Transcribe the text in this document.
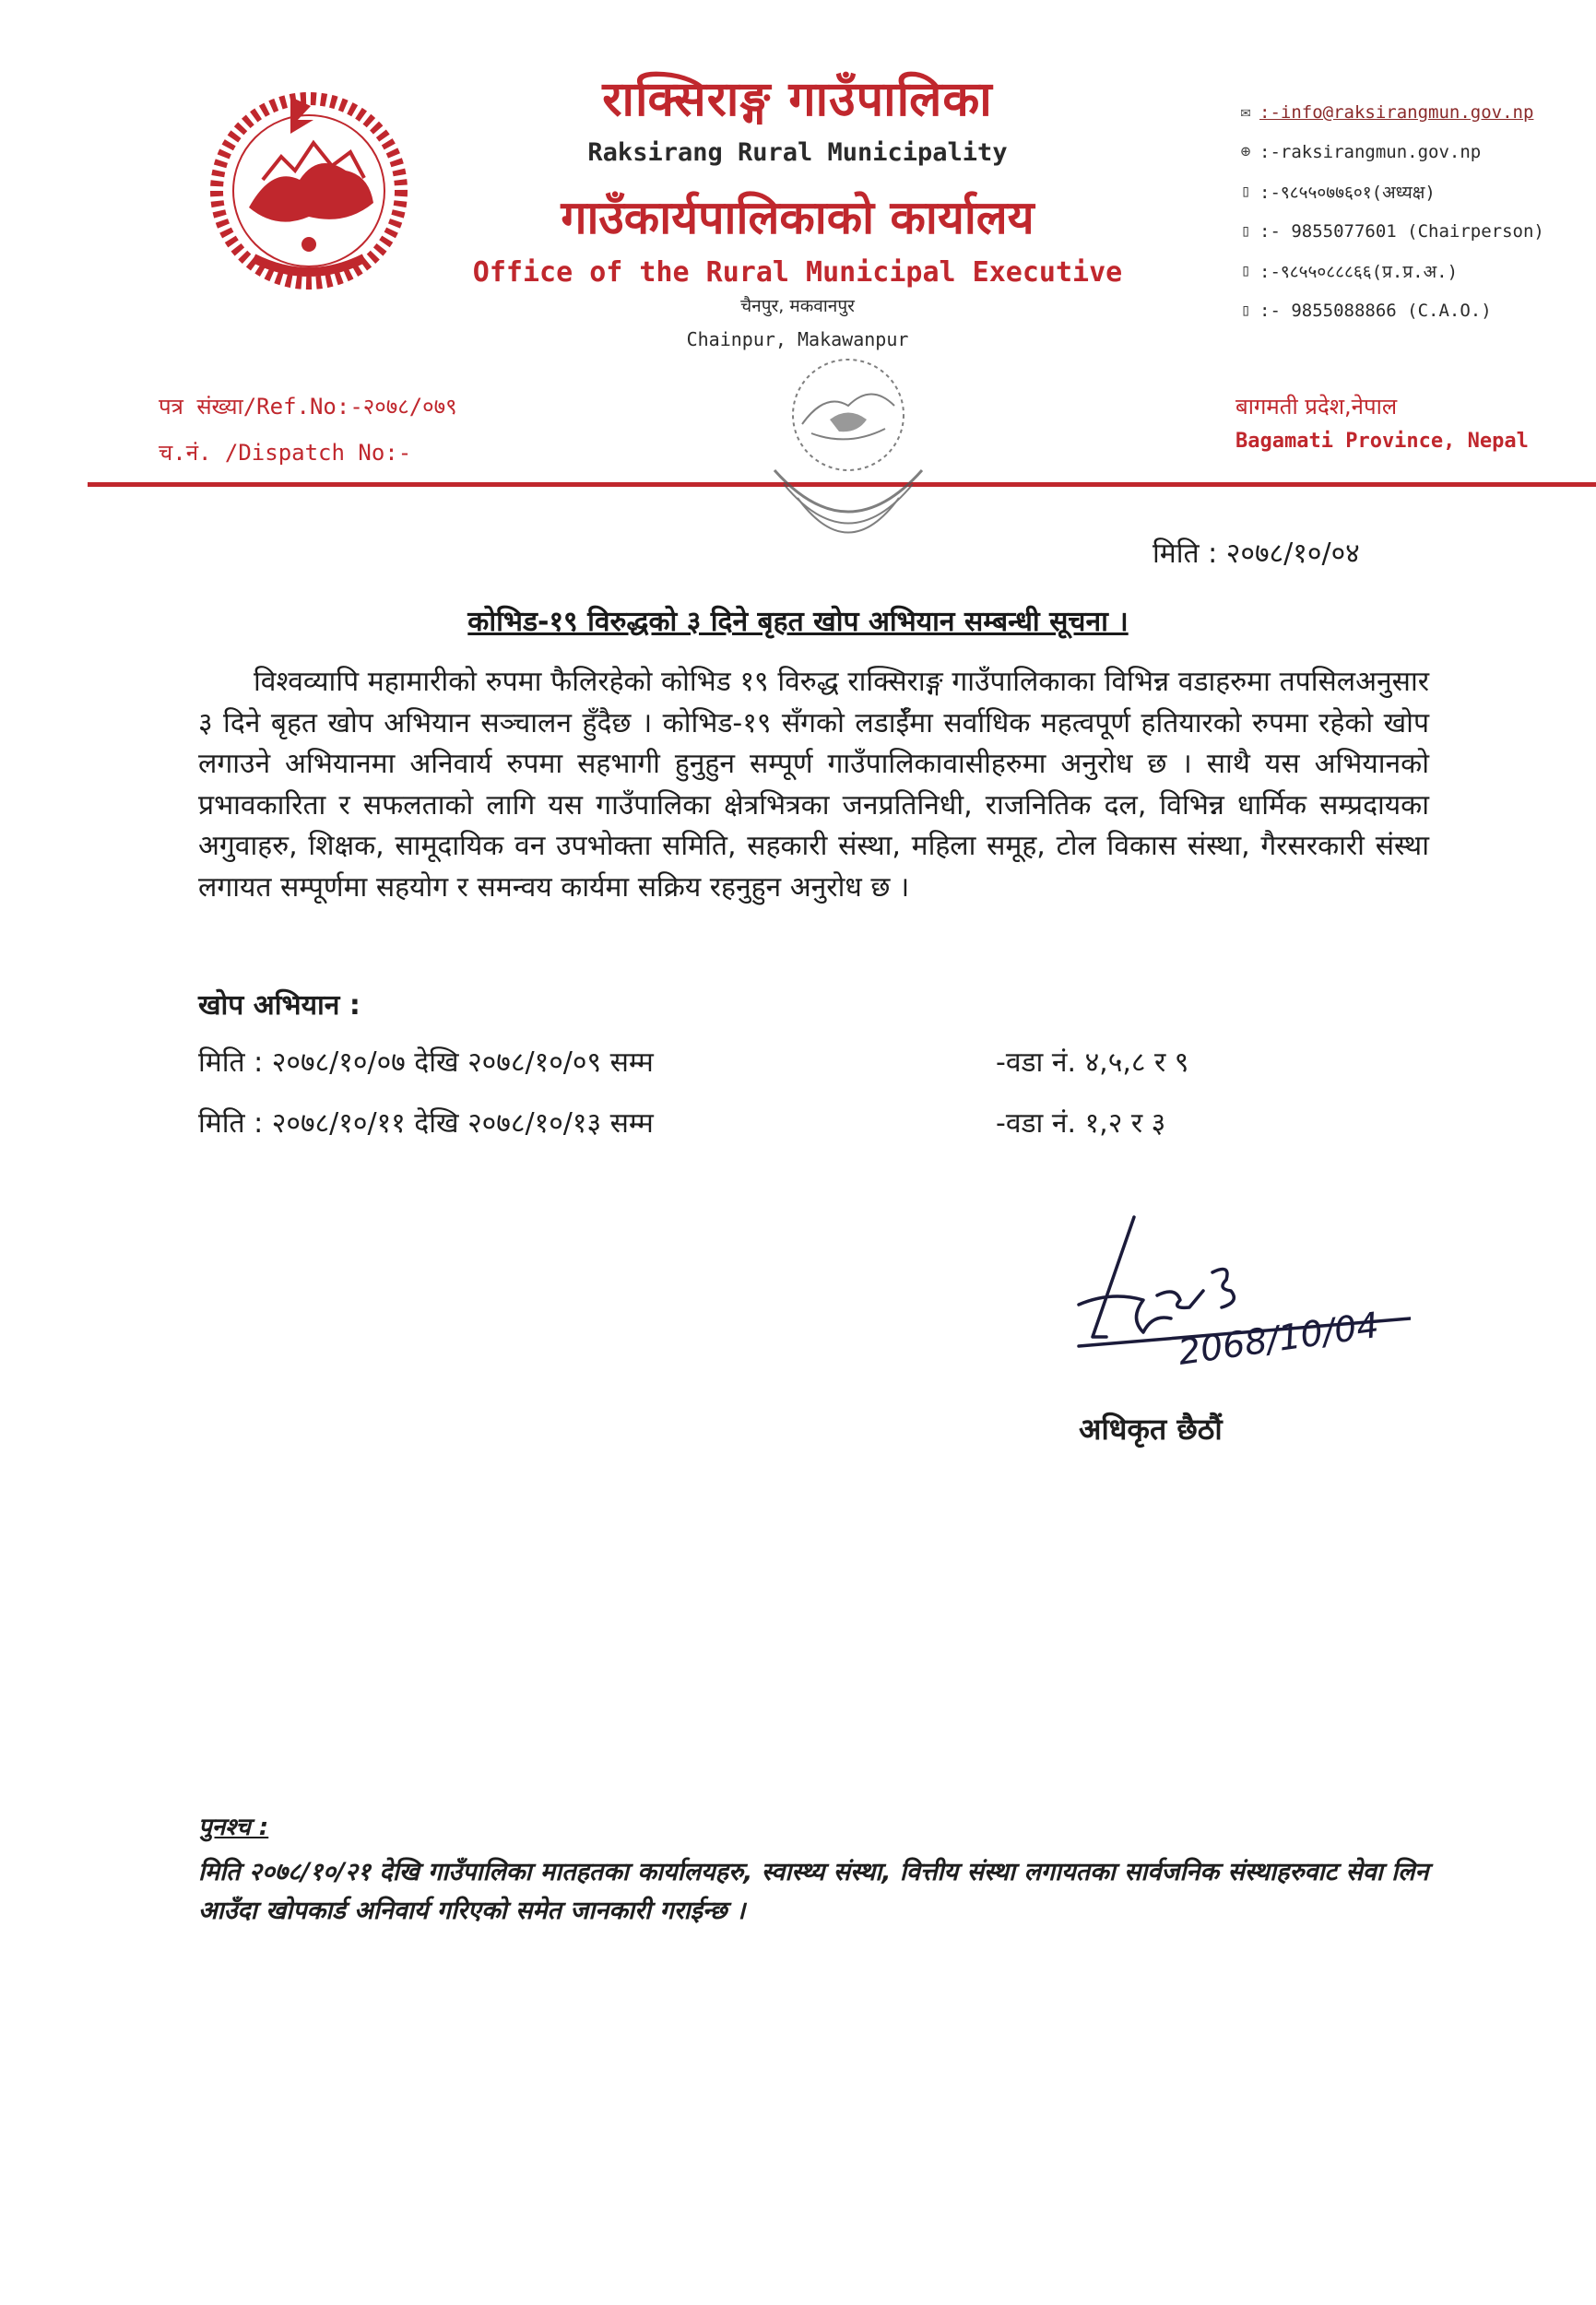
राक्सिराङ्ग गाउँपालिका
Raksirang Rural Municipality
गाउँकार्यपालिकाको कार्यालय
Office of the Rural Municipal Executive
चैनपुर, मकवानपुर
Chainpur, Makawanpur
✉ :-info@raksirangmun.gov.np
⊕ :-raksirangmun.gov.np
▯ :-९८५५०७७६०१(अध्यक्ष)
▯ :- 9855077601 (Chairperson)
▯ :-९८५५०८८८६६(प्र.प्र.अ.)
▯ :- 9855088866 (C.A.O.)
पत्र संख्या/Ref.No:-२०७८/०७९
च.नं. /Dispatch No:-
बागमती प्रदेश,नेपाल
Bagamati Province, Nepal
मिति : २०७८/१०/०४
कोभिड-१९ विरुद्धको ३ दिने बृहत खोप अभियान सम्बन्धी सूचना ।
विश्वव्यापि महामारीको रुपमा फैलिरहेको कोभिड १९ विरुद्ध राक्सिराङ्ग गाउँपालिकाका विभिन्न वडाहरुमा तपसिलअनुसार ३ दिने बृहत खोप अभियान सञ्चालन हुँदैछ । कोभिड-१९ सँगको लडाईँमा सर्वाधिक महत्वपूर्ण हतियारको रुपमा रहेको खोप लगाउने अभियानमा अनिवार्य रुपमा सहभागी हुनुहुन सम्पूर्ण गाउँपालिकावासीहरुमा अनुरोध छ । साथै यस अभियानको प्रभावकारिता र सफलताको लागि यस गाउँपालिका क्षेत्रभित्रका जनप्रतिनिधी, राजनितिक दल, विभिन्न धार्मिक सम्प्रदायका अगुवाहरु, शिक्षक, सामूदायिक वन उपभोक्ता समिति, सहकारी संस्था, महिला समूह, टोल विकास संस्था, गैरसरकारी संस्था लगायत सम्पूर्णमा सहयोग र समन्वय कार्यमा सक्रिय रहनुहुन अनुरोध छ ।
खोप अभियान :
मिति : २०७८/१०/०७ देखि २०७८/१०/०९ सम्म	-वडा नं. ४,५,८ र ९
मिति : २०७८/१०/११ देखि २०७८/१०/१३ सम्म	-वडा नं. १,२ र ३
2068/10/04
अधिकृत छैठौं
पुनश्च :
मिति २०७८/१०/२१ देखि गाउँपालिका मातहतका कार्यालयहरु, स्वास्थ्य संस्था, वित्तीय संस्था लगायतका सार्वजनिक संस्थाहरुवाट सेवा लिन आउँदा खोपकार्ड अनिवार्य गरिएको समेत जानकारी गराईन्छ ।
